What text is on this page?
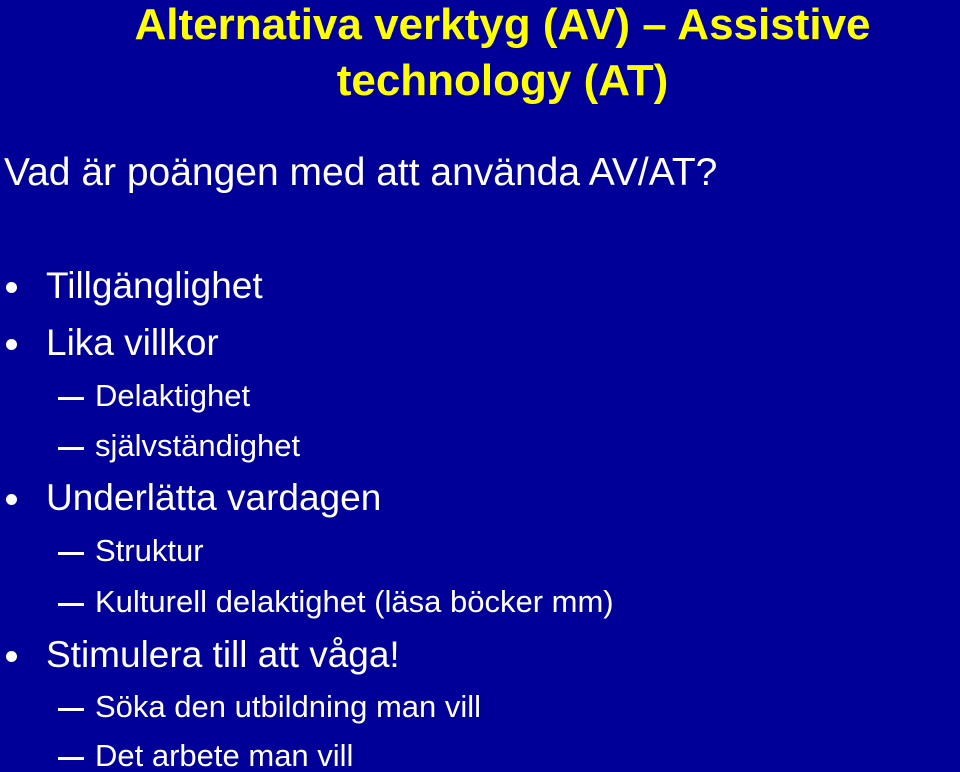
Alternativa verktyg (AV) – Assistive
technology (AT)
Vad är poängen med att använda AV/AT?
Tillgänglighet
Lika villkor
Delaktighet
självständighet
Underlätta vardagen
Struktur
Kulturell delaktighet (läsa böcker mm)
Stimulera till att våga!
Söka den utbildning man vill
Det arbete man vill
